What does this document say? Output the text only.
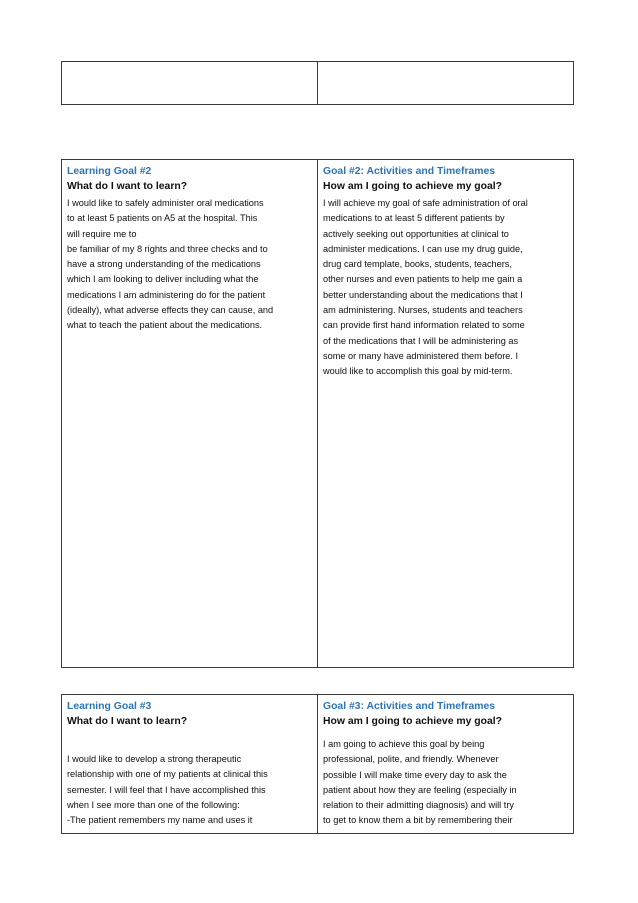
Learning Goal #2
What do I want to learn?

I would like to safely administer oral medications
to at least 5 patients on A5 at the hospital. This
will require me to
be familiar of my 8 rights and three checks and to
have a strong understanding of the medications
which I am looking to deliver including what the
medications I am administering do for the patient
(ideally), what adverse effects they can cause, and
what to teach the patient about the medications.

Goal #2: Activities and Timeframes
How am I going to achieve my goal?

I will achieve my goal of safe administration of oral
medications to at least 5 different patients by
actively seeking out opportunities at clinical to
administer medications. I can use my drug guide,
drug card template, books, students, teachers,
other nurses and even patients to help me gain a
better understanding about the medications that I
am administering. Nurses, students and teachers
can provide first hand information related to some
of the medications that I will be administering as
some or many have administered them before. I
would like to accomplish this goal by mid-term.

Learning Goal #3
What do I want to learn?

I would like to develop a strong therapeutic
relationship with one of my patients at clinical this
semester. I will feel that I have accomplished this
when I see more than one of the following:
-The patient remembers my name and uses it

Goal #3: Activities and Timeframes
How am I going to achieve my goal?

I am going to achieve this goal by being
professional, polite, and friendly. Whenever
possible I will make time every day to ask the
patient about how they are feeling (especially in
relation to their admitting diagnosis) and will try
to get to know them a bit by remembering their
